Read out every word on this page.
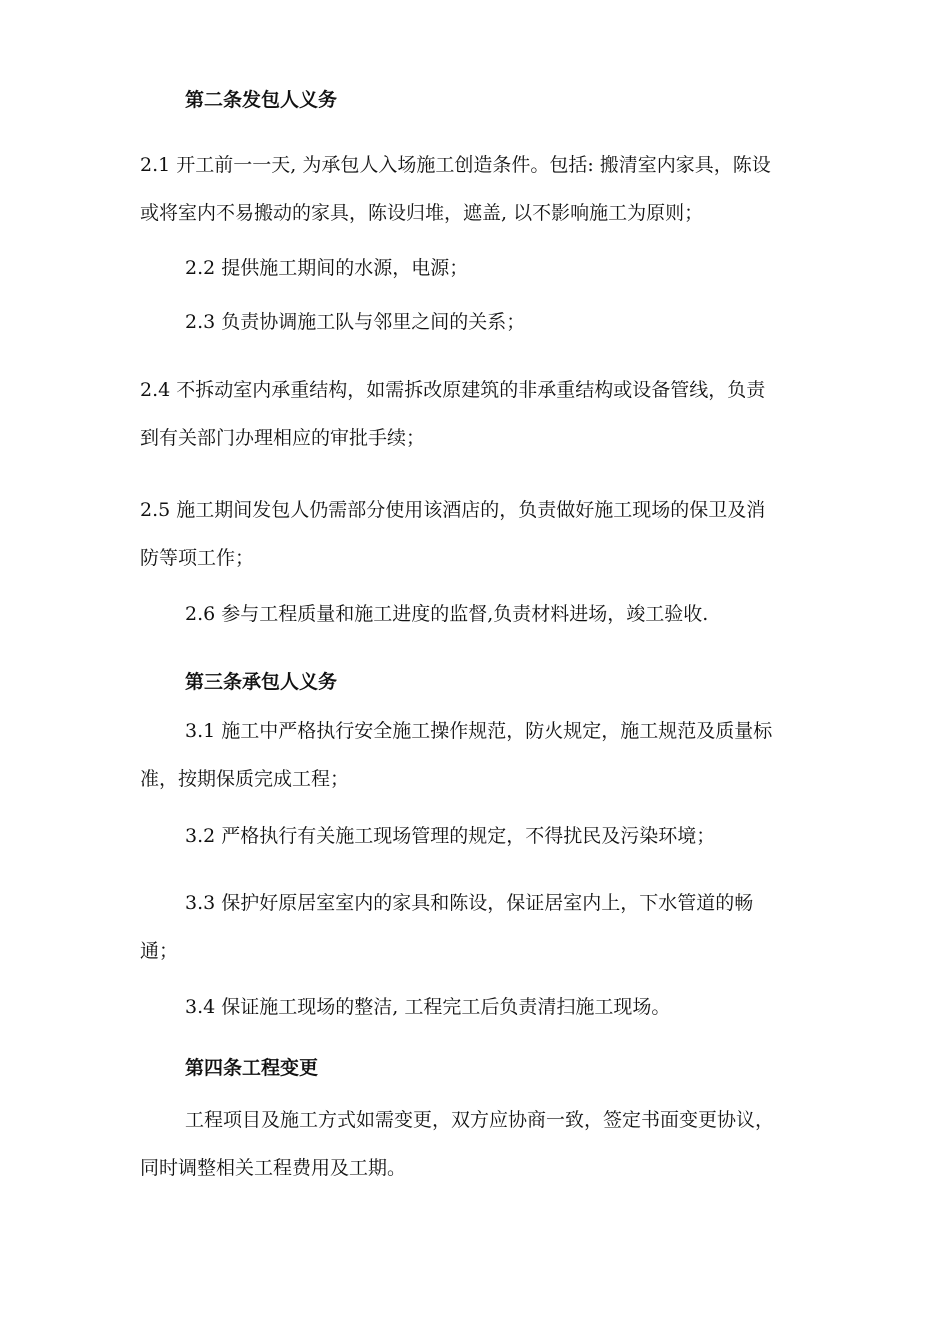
第二条发包人义务
2.1 开工前一一天, 为承包人入场施工创造条件。包括: 搬清室内家具，陈设
或将室内不易搬动的家具，陈设归堆，遮盖, 以不影响施工为原则；
2.2 提供施工期间的水源，电源；
2.3 负责协调施工队与邻里之间的关系；
2.4 不拆动室内承重结构，如需拆改原建筑的非承重结构或设备管线，负责
到有关部门办理相应的审批手续；
2.5 施工期间发包人仍需部分使用该酒店的，负责做好施工现场的保卫及消
防等项工作；
2.6 参与工程质量和施工进度的监督,负责材料进场，竣工验收.
第三条承包人义务
3.1 施工中严格执行安全施工操作规范，防火规定，施工规范及质量标
准，按期保质完成工程；
3.2 严格执行有关施工现场管理的规定，不得扰民及污染环境；
3.3 保护好原居室室内的家具和陈设，保证居室内上，下水管道的畅
通；
3.4 保证施工现场的整洁, 工程完工后负责清扫施工现场。
第四条工程变更
工程项目及施工方式如需变更，双方应协商一致，签定书面变更协议，
同时调整相关工程费用及工期。
